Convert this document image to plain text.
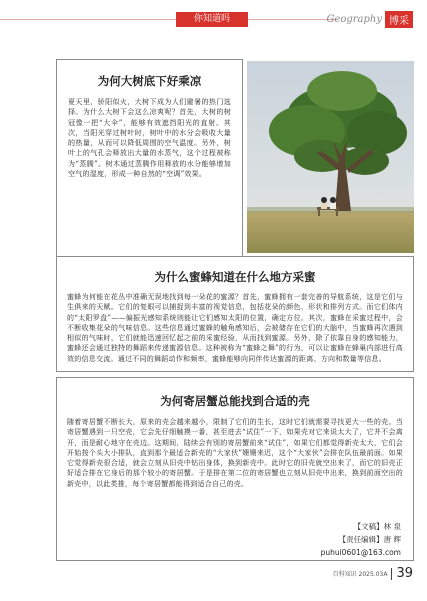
你知道吗	Geography 博采

为何大树底下好乘凉

夏天里，骄阳似火，大树下成为人们避暑的热门选择。为什么大树下会这么凉爽呢？首先，大树的树冠像一把“大伞”，能够有效遮挡阳光的直射。其次，当阳光穿过树叶时，树叶中的水分会吸收大量的热量，从而可以降低周围的空气温度。另外，树叶上的气孔会释放出大量的水蒸气，这个过程被称为“蒸腾”。树木通过蒸腾作用释放的水分能够增加空气的湿度，形成一种自然的“空调”效果。

为什么蜜蜂知道在什么地方采蜜

蜜蜂为何能在花丛中准确无误地找到每一朵花的蜜源？首先，蜜蜂拥有一套完善的导航系统，这是它们与生俱来的天赋。它们的复眼可以捕捉到丰富的视觉信息，包括花朵的颜色、形状和排列方式。而它们体内的“太阳罗盘”——偏振光感知系统则能让它们感知太阳的位置，确定方位。其次，蜜蜂在采蜜过程中，会不断收集花朵的气味信息。这些信息通过蜜蜂的触角感知后，会被储存在它们的大脑中，当蜜蜂再次遇到相似的气味时，它们就能迅速回忆起之前的采蜜经验，从而找到蜜源。另外，除了依靠自身的感知能力，蜜蜂还会通过独特的舞蹈来传递蜜源信息。这种被称为“蜜蜂之舞”的行为，可以让蜜蜂在蜂巢内部进行高效的信息交流。通过不同的舞蹈动作和频率，蜜蜂能够向同伴传达蜜源的距离、方向和数量等信息。

为何寄居蟹总能找到合适的壳

随着寄居蟹不断长大，原来的壳会越来越小，限制了它们的生长，这时它们就需要寻找更大一些的壳。当寄居蟹遇到一只空壳，它会先仔细触摸一番，甚至进去“试住”一下，如果壳对它来说太大了，它并不会离开，而是耐心地守在壳边。这期间，陆续会有别的寄居蟹前来“试住”，如果它们都觉得新壳太大，它们会开始按个头大小排队，直到那个最适合新壳的“大家伙”姗姗来迟，这个“大家伙”会排在队伍最前面。如果它觉得新壳很合适，就会立刻从旧壳中钻出身体，换到新壳中。此时它的旧壳就空出来了，而它的旧壳正好适合排在它身后的那个较小的寄居蟹。于是排在第二位的寄居蟹也立刻从旧壳中出来，换到前面空出的新壳中，以此类推，每个寄居蟹都能得到适合自己的壳。

【文稿】林 泉
【责任编辑】唐 辉
puhui0601@163.com
百科知识 2025.03A 39
